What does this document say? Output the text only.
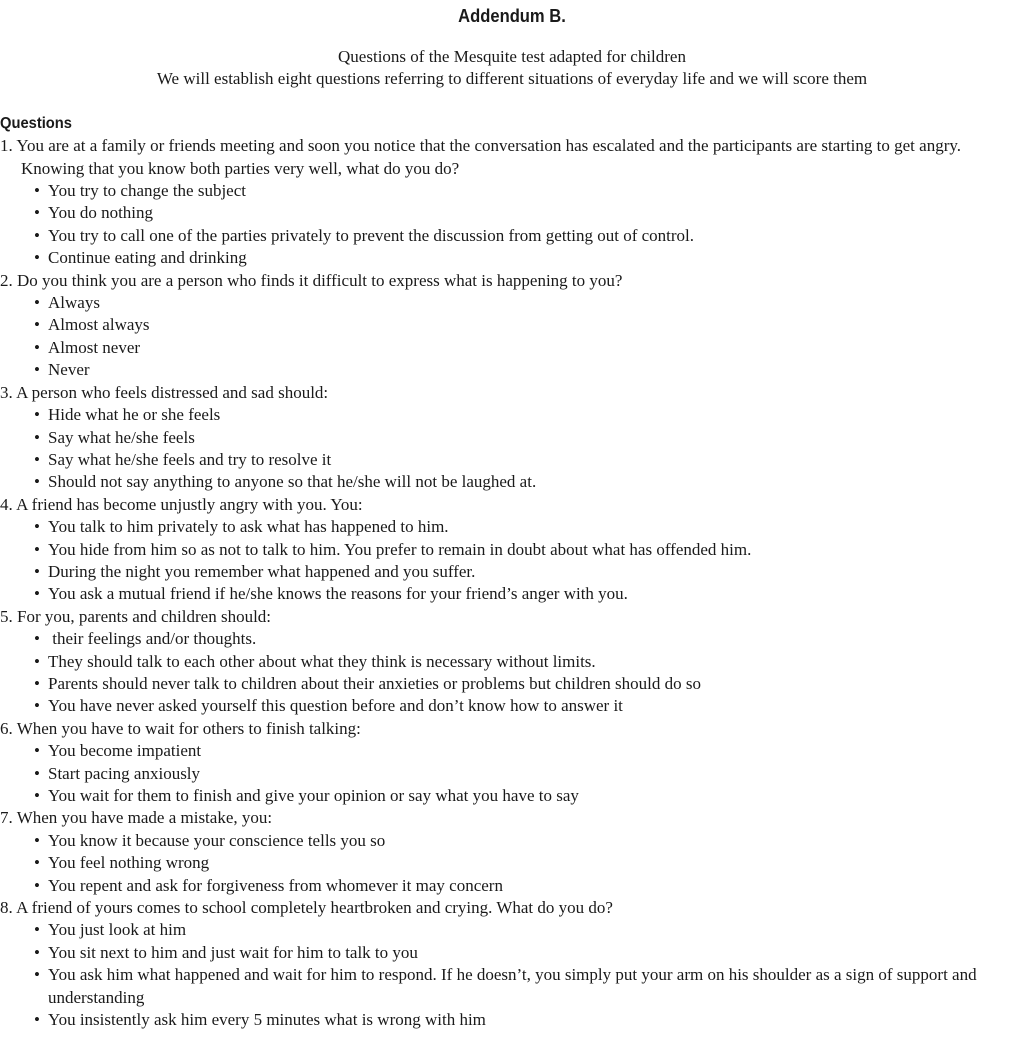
Addendum B.

Questions of the Mesquite test adapted for children

We will establish eight questions referring to different situations of everyday life and we will score them

Questions
1. You are at a family or friends meeting and soon you notice that the conversation has escalated and the participants are starting to get angry. Knowing that you know both parties very well, what do you do?
• You try to change the subject
• You do nothing
• You try to call one of the parties privately to prevent the discussion from getting out of control.
• Continue eating and drinking
2. Do you think you are a person who finds it difficult to express what is happening to you?
• Always
• Almost always
• Almost never
• Never
3. A person who feels distressed and sad should:
• Hide what he or she feels
• Say what he/she feels
• Say what he/she feels and try to resolve it
• Should not say anything to anyone so that he/she will not be laughed at.
4. A friend has become unjustly angry with you. You:
• You talk to him privately to ask what has happened to him.
• You hide from him so as not to talk to him. You prefer to remain in doubt about what has offended him.
• During the night you remember what happened and you suffer.
• You ask a mutual friend if he/she knows the reasons for your friend’s anger with you.
5. For you, parents and children should:
• their feelings and/or thoughts.
• They should talk to each other about what they think is necessary without limits.
• Parents should never talk to children about their anxieties or problems but children should do so
• You have never asked yourself this question before and don’t know how to answer it
6. When you have to wait for others to finish talking:
• You become impatient
• Start pacing anxiously
• You wait for them to finish and give your opinion or say what you have to say
7. When you have made a mistake, you:
• You know it because your conscience tells you so
• You feel nothing wrong
• You repent and ask for forgiveness from whomever it may concern
8. A friend of yours comes to school completely heartbroken and crying. What do you do?
• You just look at him
• You sit next to him and just wait for him to talk to you
• You ask him what happened and wait for him to respond. If he doesn’t, you simply put your arm on his shoulder as a sign of support and understanding
• You insistently ask him every 5 minutes what is wrong with him
